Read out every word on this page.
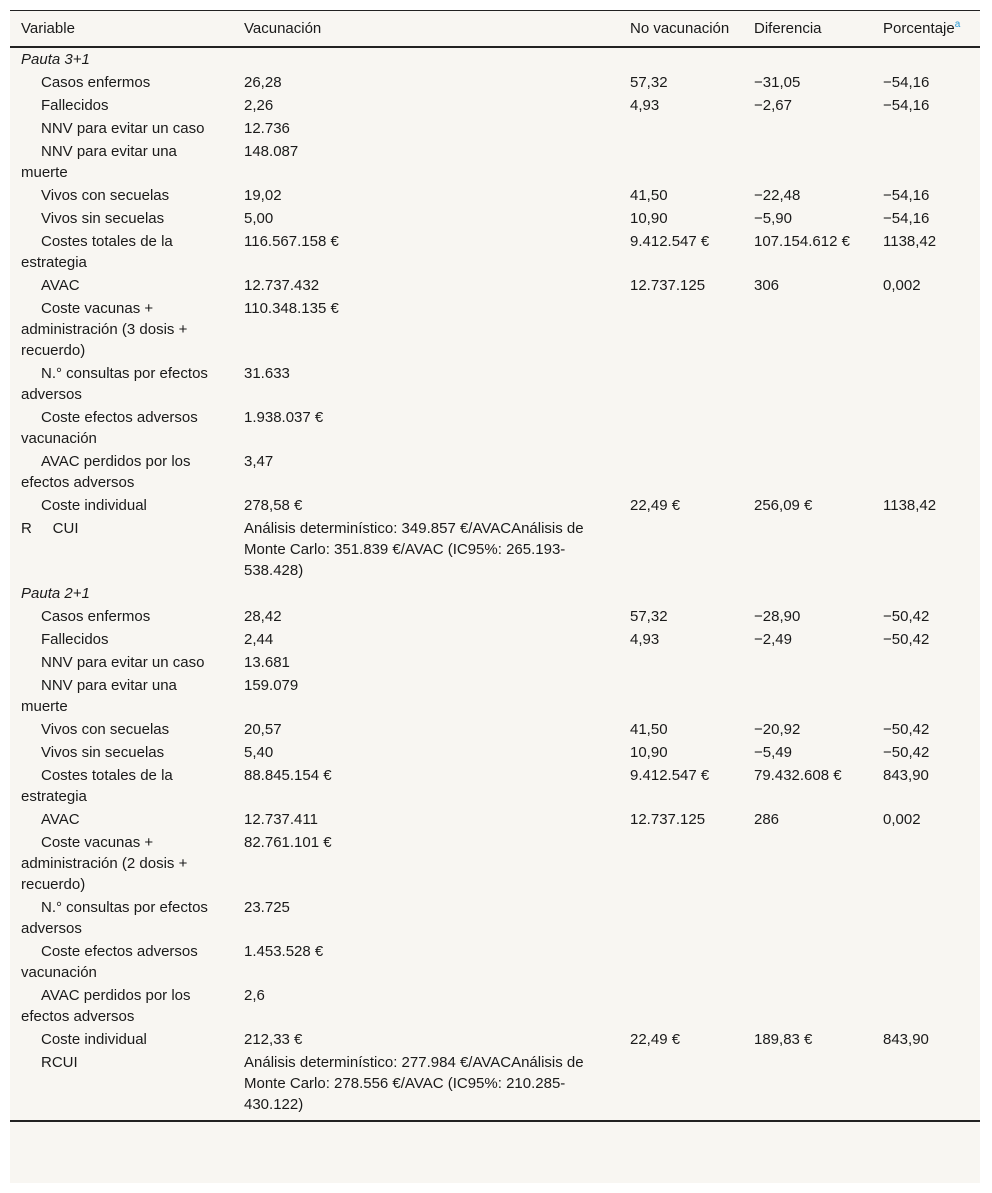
Variable	Vacunación	No vacunación	Diferencia	Porcentaje$^a$
Pauta 3+1				
Casos enfermos	26,28	57,32	−31,05	−54,16
Fallecidos	2,26	4,93	−2,67	−54,16
NNV para evitar un caso	12.736			
NNV para evitar una muerte	148.087			
Vivos con secuelas	19,02	41,50	−22,48	−54,16
Vivos sin secuelas	5,00	10,90	−5,90	−54,16
Costes totales de la estrategia	116.567.158 €	9.412.547 €	107.154.612 €	1138,42
AVAC	12.737.432	12.737.125	306	0,002
Coste vacunas + administración (3 dosis + recuerdo)	110.348.135 €			
N.° consultas por efectos adversos	31.633			
Coste efectos adversos vacunación	1.938.037 €			
AVAC perdidos por los efectos adversos	3,47			
Coste individual	278,58 €	22,49 €	256,09 €	1138,42
R     CUI	Análisis determinístico: 349.857 €/AVACAnálisis de Monte Carlo: 351.839 €/AVAC (IC95%: 265.193-538.428)			
Pauta 2+1				
Casos enfermos	28,42	57,32	−28,90	−50,42
Fallecidos	2,44	4,93	−2,49	−50,42
NNV para evitar un caso	13.681			
NNV para evitar una muerte	159.079			
Vivos con secuelas	20,57	41,50	−20,92	−50,42
Vivos sin secuelas	5,40	10,90	−5,49	−50,42
Costes totales de la estrategia	88.845.154 €	9.412.547 €	79.432.608 €	843,90
AVAC	12.737.411	12.737.125	286	0,002
Coste vacunas + administración (2 dosis + recuerdo)	82.761.101 €			
N.° consultas por efectos adversos	23.725			
Coste efectos adversos vacunación	1.453.528 €			
AVAC perdidos por los efectos adversos	2,6			
Coste individual	212,33 €	22,49 €	189,83 €	843,90
RCUI	Análisis determinístico: 277.984 €/AVACAnálisis de Monte Carlo: 278.556 €/AVAC (IC95%: 210.285-430.122)			
